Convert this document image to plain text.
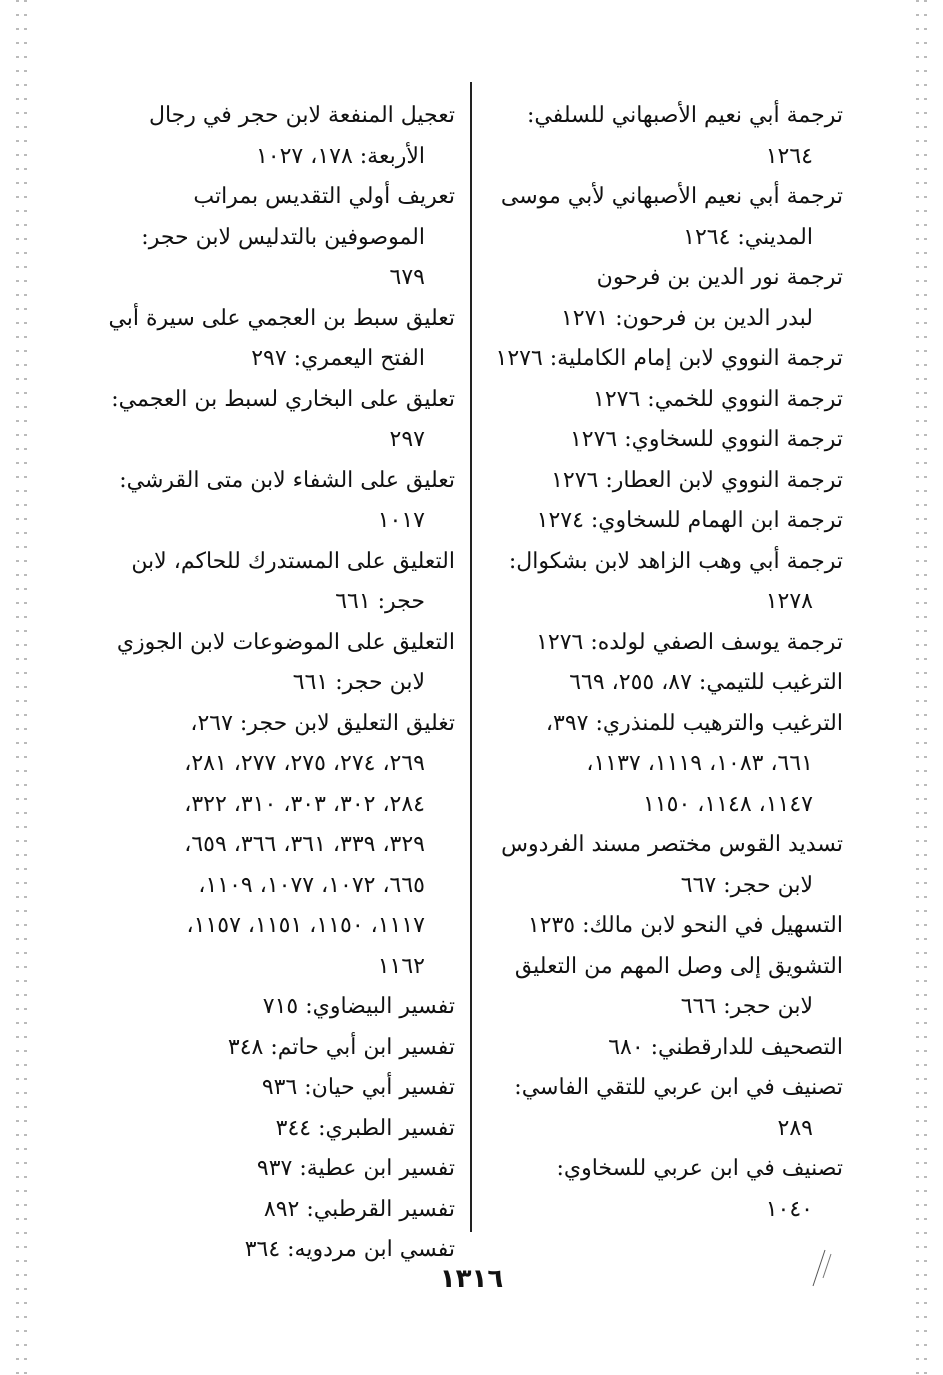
ترجمة أبي نعيم الأصبهاني للسلفي:
١٢٦٤
ترجمة أبي نعيم الأصبهاني لأبي موسى
المديني: ١٢٦٤
ترجمة نور الدين بن فرحون
لبدر الدين بن فرحون: ١٢٧١
ترجمة النووي لابن إمام الكاملية: ١٢٧٦
ترجمة النووي للخمي: ١٢٧٦
ترجمة النووي للسخاوي: ١٢٧٦
ترجمة النووي لابن العطار: ١٢٧٦
ترجمة ابن الهمام للسخاوي: ١٢٧٤
ترجمة أبي وهب الزاهد لابن بشكوال:
١٢٧٨
ترجمة يوسف الصفي لولده: ١٢٧٦
الترغيب للتيمي: ٨٧، ٢٥٥، ٦٦٩
الترغيب والترهيب للمنذري: ٣٩٧،
٦٦١، ١٠٨٣، ١١١٩، ١١٣٧،
١١٤٧، ١١٤٨، ١١٥٠
تسديد القوس مختصر مسند الفردوس
لابن حجر: ٦٦٧
التسهيل في النحو لابن مالك: ١٢٣٥
التشويق إلى وصل المهم من التعليق
لابن حجر: ٦٦٦
التصحيف للدارقطني: ٦٨٠
تصنيف في ابن عربي للتقي الفاسي:
٢٨٩
تصنيف في ابن عربي للسخاوي:
١٠٤٠
تعجيل المنفعة لابن حجر في رجال
الأربعة: ١٧٨، ١٠٢٧
تعريف أولي التقديس بمراتب
الموصوفين بالتدليس لابن حجر:
٦٧٩
تعليق سبط بن العجمي على سيرة أبي
الفتح اليعمري: ٢٩٧
تعليق على البخاري لسبط بن العجمي:
٢٩٧
تعليق على الشفاء لابن متى القرشي:
١٠١٧
التعليق على المستدرك للحاكم، لابن
حجر: ٦٦١
التعليق على الموضوعات لابن الجوزي
لابن حجر: ٦٦١
تغليق التعليق لابن حجر: ٢٦٧،
٢٦٩، ٢٧٤، ٢٧٥، ٢٧٧، ٢٨١،
٢٨٤، ٣٠٢، ٣٠٣، ٣١٠، ٣٢٢،
٣٢٩، ٣٣٩، ٣٦١، ٣٦٦، ٦٥٩،
٦٦٥، ١٠٧٢، ١٠٧٧، ١١٠٩،
١١١٧، ١١٥٠، ١١٥١، ١١٥٧،
١١٦٢
تفسير البيضاوي: ٧١٥
تفسير ابن أبي حاتم: ٣٤٨
تفسير أبي حيان: ٩٣٦
تفسير الطبري: ٣٤٤
تفسير ابن عطية: ٩٣٧
تفسير القرطبي: ٨٩٢
تفسي ابن مردويه: ٣٦٤
١٣١٦
